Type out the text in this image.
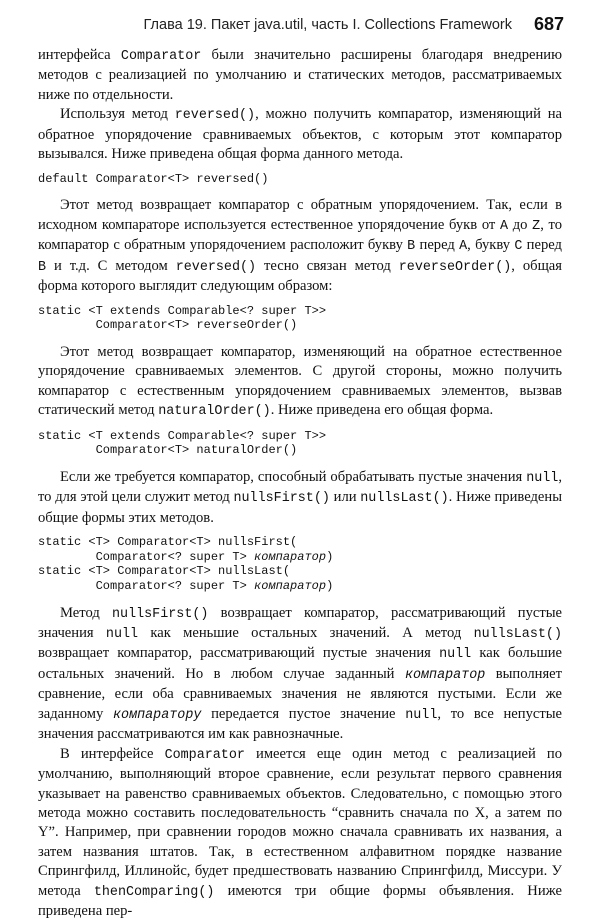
Глава 19. Пакет java.util, часть I. Collections Framework 687

интерфейса Comparator были значительно расширены благодаря внедрению методов с реализацией по умолчанию и статических методов, рассматриваемых ниже по отдельности.

Используя метод reversed(), можно получить компаратор, изменяющий на обратное упорядочение сравниваемых объектов, с которым этот компаратор вызывался. Ниже приведена общая форма данного метода.

default Comparator<T> reversed()

Этот метод возвращает компаратор с обратным упорядочением. Так, если в исходном компараторе используется естественное упорядочение букв от A до Z, то компаратор с обратным упорядочением расположит букву B перед A, букву C перед B и т.д. С методом reversed() тесно связан метод reverseOrder(), общая форма которого выглядит следующим образом:

static <T extends Comparable<? super T>>
Comparator<T> reverseOrder()

Этот метод возвращает компаратор, изменяющий на обратное естественное упорядочение сравниваемых элементов. С другой стороны, можно получить компаратор с естественным упорядочением сравниваемых элементов, вызвав статический метод naturalOrder(). Ниже приведена его общая форма.

static <T extends Comparable<? super T>>
Comparator<T> naturalOrder()

Если же требуется компаратор, способный обрабатывать пустые значения null, то для этой цели служит метод nullsFirst() или nullsLast(). Ниже приведены общие формы этих методов.

static <T> Comparator<T> nullsFirst(
Comparator<? super T> компаратор)
static <T> Comparator<T> nullsLast(
Comparator<? super T> компаратор)

Метод nullsFirst() возвращает компаратор, рассматривающий пустые значения null как меньшие остальных значений. А метод nullsLast() возвращает компаратор, рассматривающий пустые значения null как большие остальных значений. Но в любом случае заданный компаратор выполняет сравнение, если оба сравниваемых значения не являются пустыми. Если же заданному компаратору передается пустое значение null, то все непустые значения рассматриваются им как равнозначные.

В интерфейсе Comparator имеется еще один метод с реализацией по умолчанию, выполняющий второе сравнение, если результат первого сравнения указывает на равенство сравниваемых объектов. Следовательно, с помощью этого метода можно составить последовательность “сравнить сначала по X, а затем по Y”. Например, при сравнении городов можно сначала сравнивать их названия, а затем названия штатов. Так, в естественном алфавитном порядке название Спрингфилд, Иллинойс, будет предшествовать названию Спрингфилд, Миссури. У метода thenComparing() имеются три общие формы объявления. Ниже приведена пер-
